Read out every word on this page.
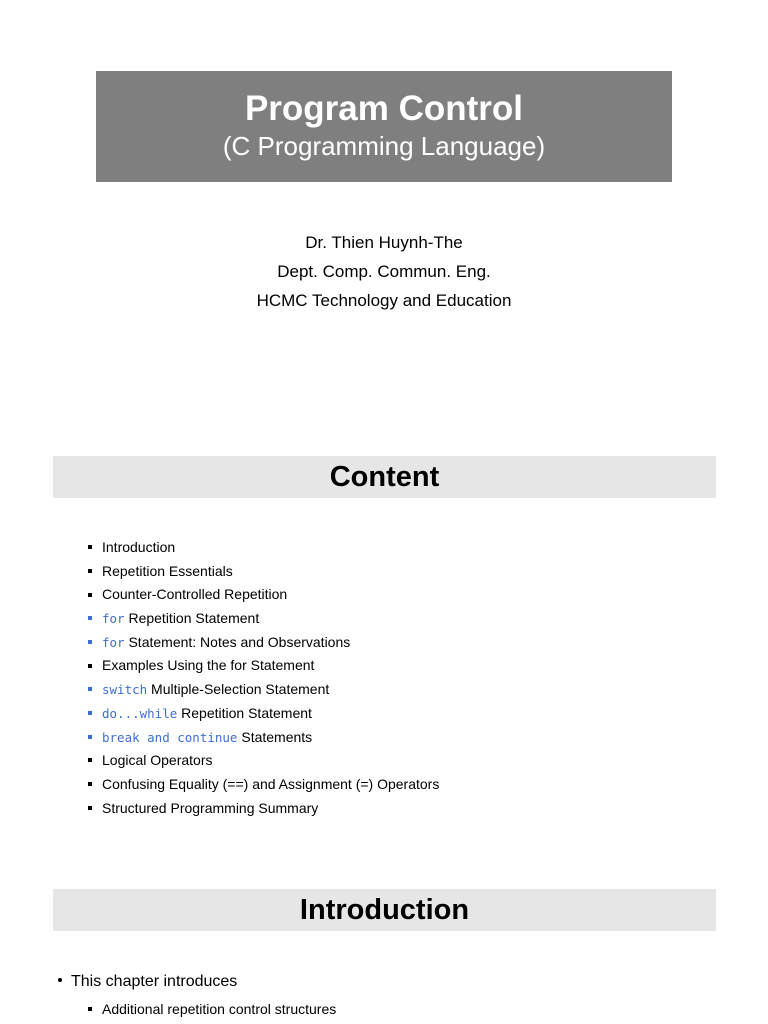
Program Control
(C Programming Language)
Dr. Thien Huynh-The
Dept. Comp. Commun. Eng.
HCMC Technology and Education
Content
Introduction
Repetition Essentials
Counter-Controlled Repetition
for Repetition Statement
for Statement: Notes and Observations
Examples Using the for Statement
switch Multiple-Selection Statement
do...while Repetition Statement
break and continue Statements
Logical Operators
Confusing Equality (==) and Assignment (=) Operators
Structured Programming Summary
Introduction
This chapter introduces
Additional repetition control structures
